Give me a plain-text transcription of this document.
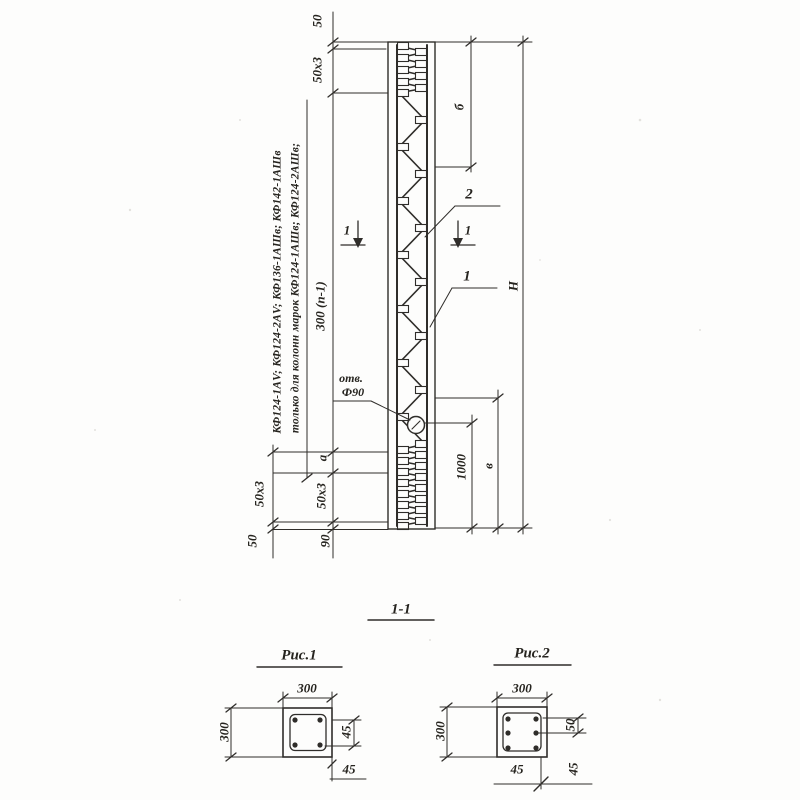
только для колонн марок КФ124-1АШв; КФ124-2АШв;
КФ124-1АV; КФ124-2АV; КФ136-1АШв; КФ142-1АШв
50
50x3
300 (п-1)
а
50x3
90
50x3
50
б
Н
1000 в
отв.
Ф90
2
1
1	1
1-1
Рис.1
300
300	45
45
Рис.2
300
300	50
45	45
